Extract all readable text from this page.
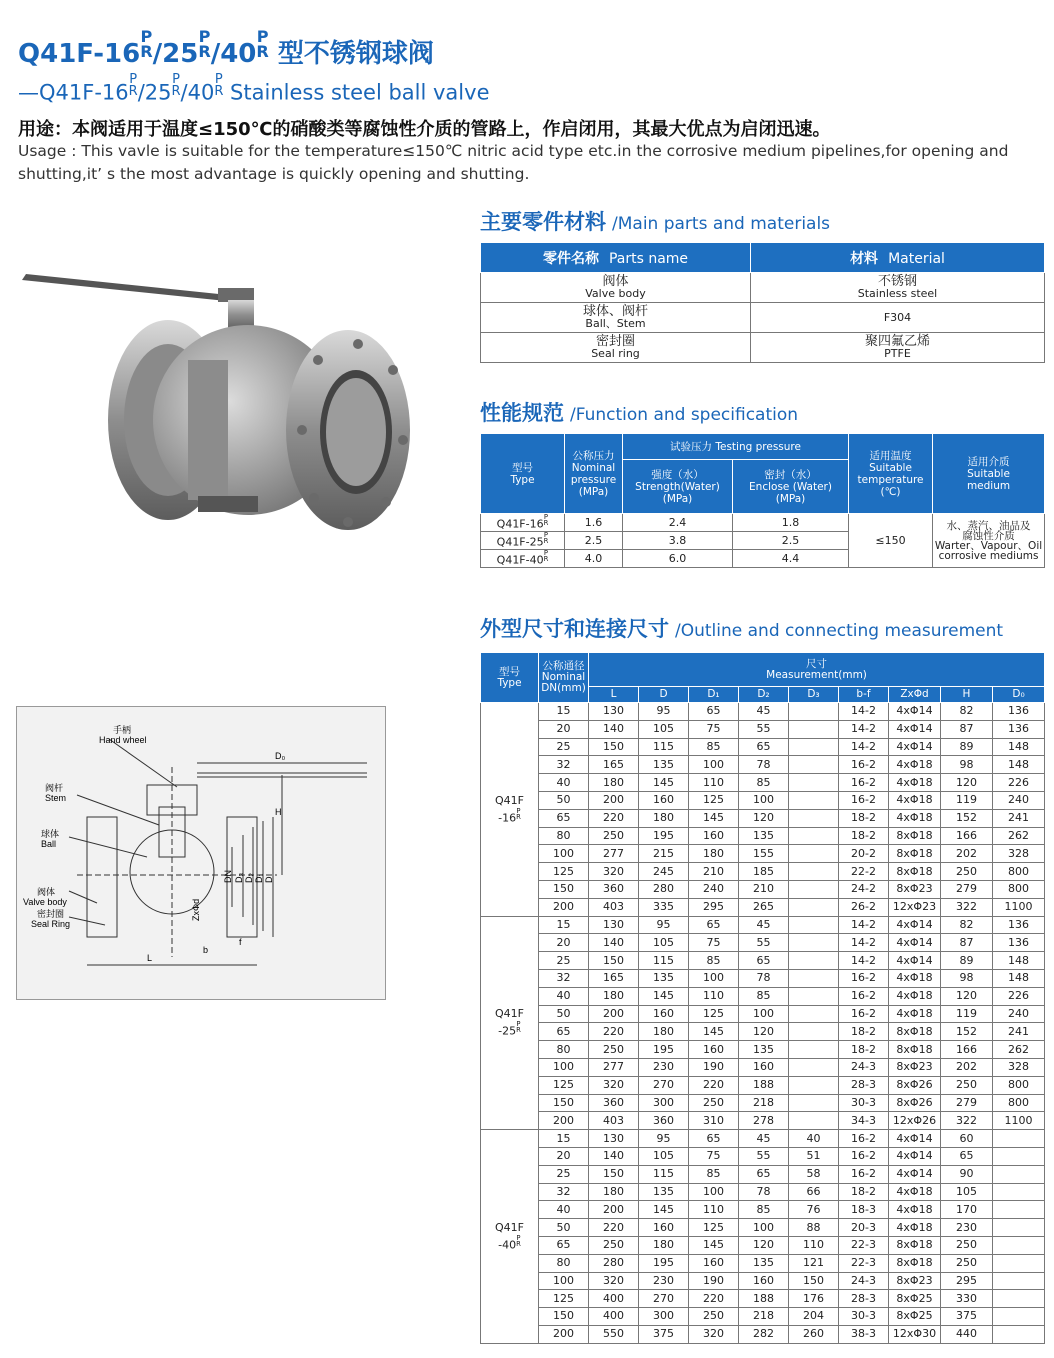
Q41F-16
P
R /25
P
R /40
P
R 型不锈钢球阀
—Q41F-16
P
R /25
P
R /40
P
R Stainless steel ball valve
用途：本阀适用于温度≤150℃的硝酸类等腐蚀性介质的管路上，作启闭用，其最大优点为启闭迅速。
Usage : This vavle is suitable for the temperature≤150℃ nitric acid type etc.in the corrosive medium pipelines,for opening and shutting,it’ s the most advantage is quickly opening and shutting.
主要零件材料 /Main parts and materials
零件名称 Parts name	材料 Material

阀体
Valve body	不锈钢
Stainless steel

球体、阀杆
Ball、Stem	F304

密封圈
Seal ring	聚四氟乙烯
PTFE
性能规范 /Function and specification
型号
Type	公称压力
Nominal
pressure
(MPa)	试验压力 Testing pressure		适用温度
Suitable
temperature
(℃)	适用介质
Suitable
medium
		强度（水）
Strength(Water)
(MPa)	密封（水）
Enclose (Water)
(MPa)		
Q41F-16
P
R	1.6	2.4	1.8	≤150	水、蒸汽、油品及
腐蚀性介质
Warter、Vapour、Oil
corrosive mediums
Q41F-25
P
R	2.5	3.8	2.5		
Q41F-40
P
R	4.0	6.0	4.4		
手柄
Hand wheel
阀杆
Stem
球体
Ball
阀体
Valve body
密封圈
Seal Ring
D₀
H
L
b
f
ZxΦd
DN D₃ D₂ D₁ D
外型尺寸和连接尺寸 /Outline and connecting measurement
型号
Type	公称通径
Nominal
DN(mm)	尺寸
Measurement(mm)								
		L	D	D₁	D₂	D₃	b-f	ZxΦd	H	D₀
Q41F
-16
P
R	15	130	95	65	45		14-2	4xΦ14	82	136
	20	140	105	75	55		14-2	4xΦ14	87	136
	25	150	115	85	65		14-2	4xΦ14	89	148
	32	165	135	100	78		16-2	4xΦ18	98	148
	40	180	145	110	85		16-2	4xΦ18	120	226
	50	200	160	125	100		16-2	4xΦ18	119	240
	65	220	180	145	120		18-2	4xΦ18	152	241
	80	250	195	160	135		18-2	8xΦ18	166	262
	100	277	215	180	155		20-2	8xΦ18	202	328
	125	320	245	210	185		22-2	8xΦ18	250	800
	150	360	280	240	210		24-2	8xΦ23	279	800
	200	403	335	295	265		26-2	12xΦ23	322	1100
Q41F
-25
P
R	15	130	95	65	45		14-2	4xΦ14	82	136
	20	140	105	75	55		14-2	4xΦ14	87	136
	25	150	115	85	65		14-2	4xΦ14	89	148
	32	165	135	100	78		16-2	4xΦ18	98	148
	40	180	145	110	85		16-2	4xΦ18	120	226
	50	200	160	125	100		16-2	4xΦ18	119	240
	65	220	180	145	120		18-2	8xΦ18	152	241
	80	250	195	160	135		18-2	8xΦ18	166	262
	100	277	230	190	160		24-3	8xΦ23	202	328
	125	320	270	220	188		28-3	8xΦ26	250	800
	150	360	300	250	218		30-3	8xΦ26	279	800
	200	403	360	310	278		34-3	12xΦ26	322	1100
Q41F
-40
P
R	15	130	95	65	45	40	16-2	4xΦ14	60	
	20	140	105	75	55	51	16-2	4xΦ14	65	
	25	150	115	85	65	58	16-2	4xΦ14	90	
	32	180	135	100	78	66	18-2	4xΦ18	105	
	40	200	145	110	85	76	18-3	4xΦ18	170	
	50	220	160	125	100	88	20-3	4xΦ18	230	
	65	250	180	145	120	110	22-3	8xΦ18	250	
	80	280	195	160	135	121	22-3	8xΦ18	250	
	100	320	230	190	160	150	24-3	8xΦ23	295	
	125	400	270	220	188	176	28-3	8xΦ25	330	
	150	400	300	250	218	204	30-3	8xΦ25	375	
	200	550	375	320	282	260	38-3	12xΦ30	440	
